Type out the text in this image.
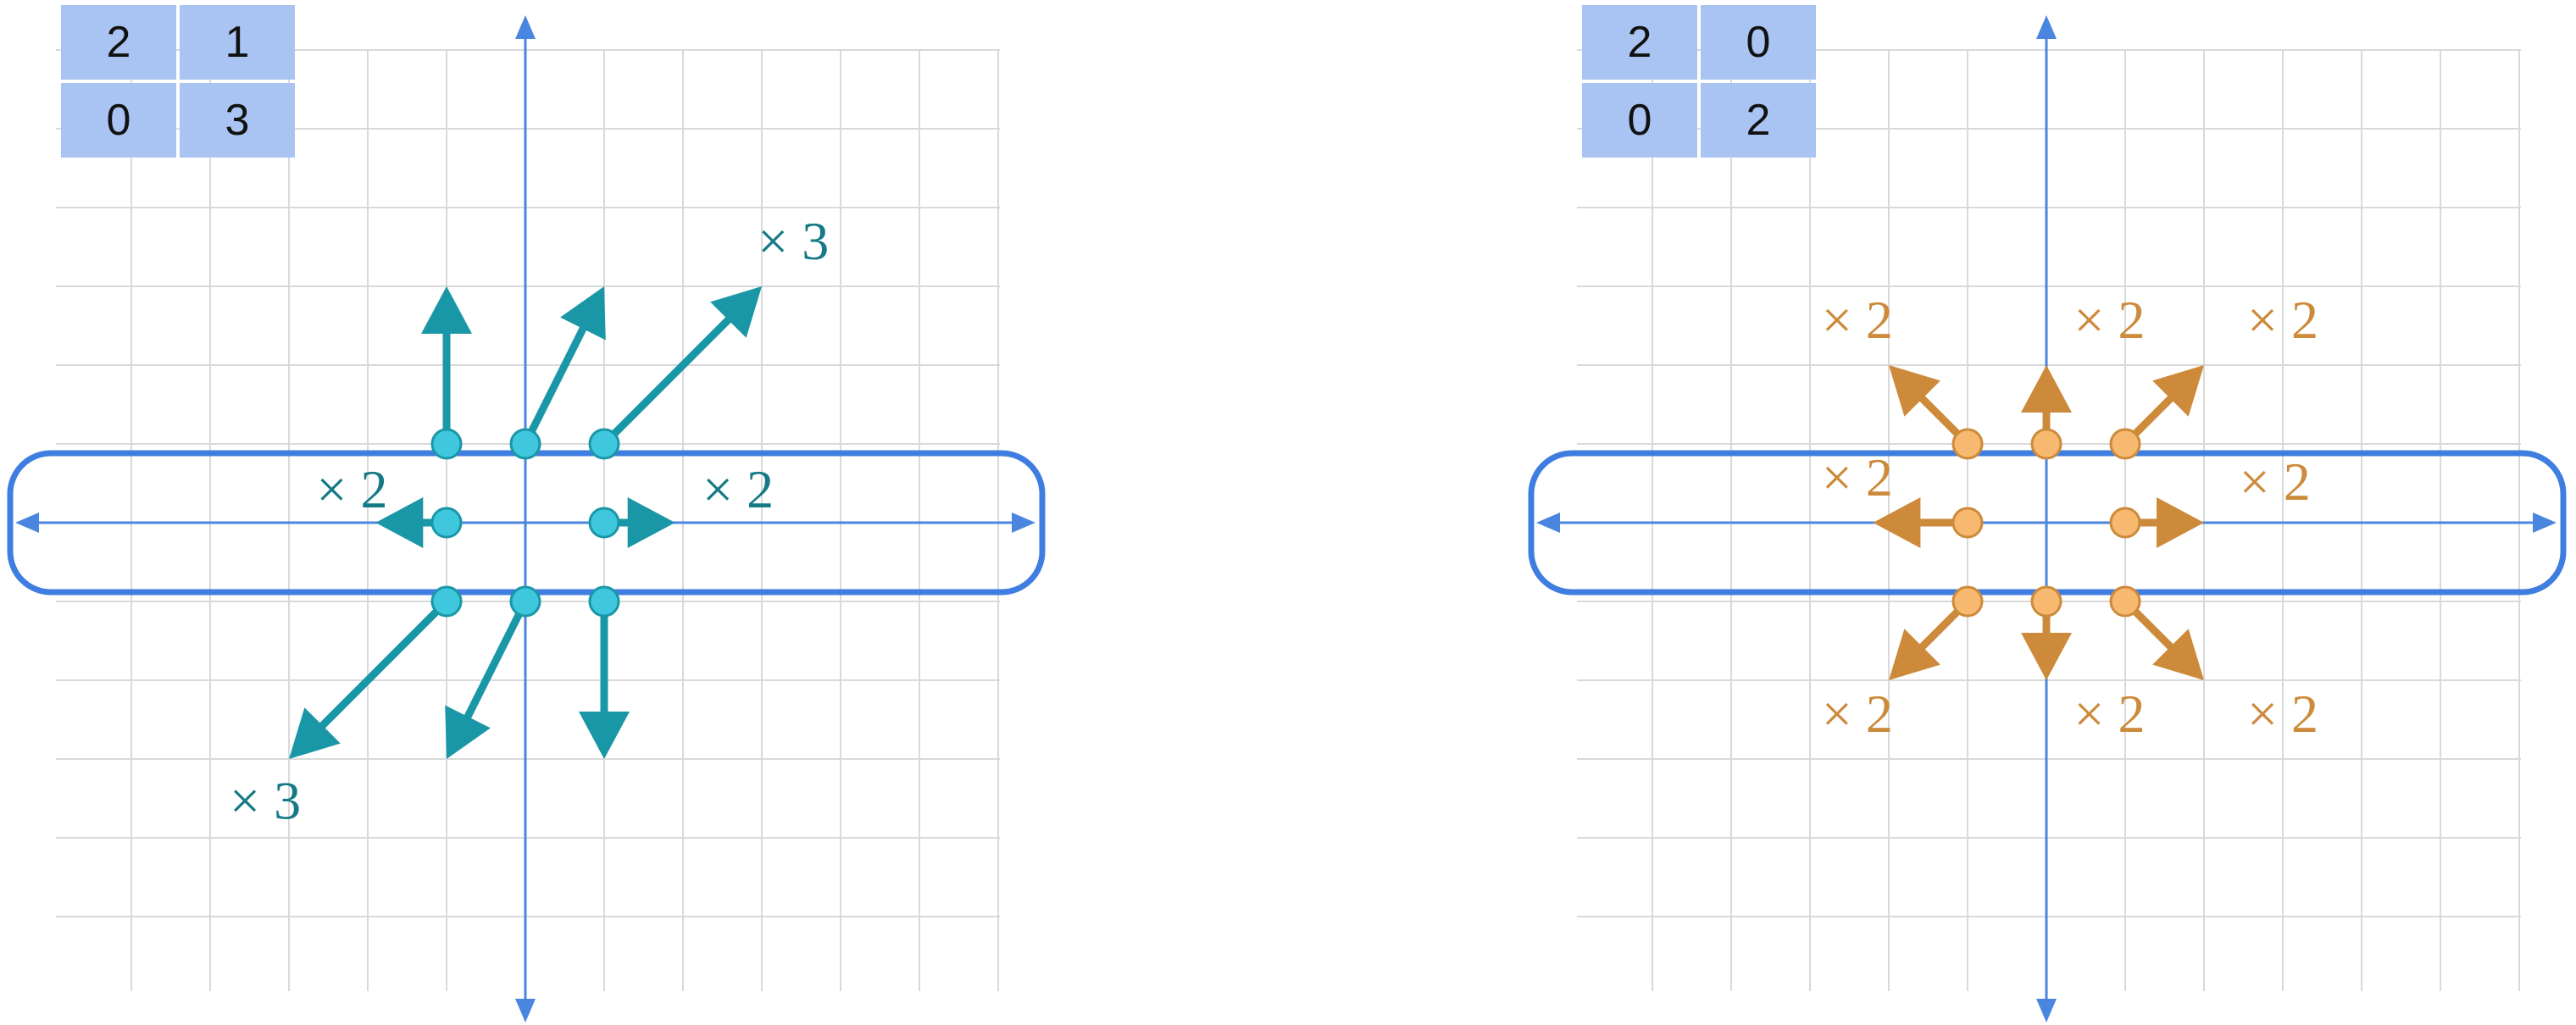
2	1
0	3
× 3
× 2	× 2
× 3
2	0
0	2
× 2	× 2 × 2
× 2	× 2
× 2	× 2 × 2
